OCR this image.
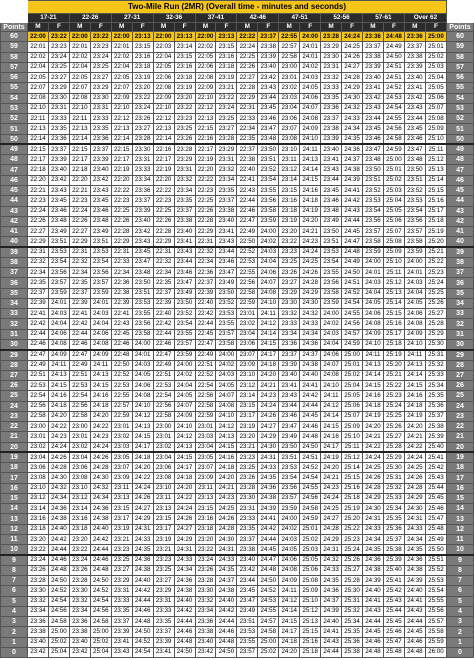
	Two-Mile Run (2MR) (Overall time - minutes and seconds)																				
	17-21		22-26		27-31		32-36		37-41		42-46		47-51		52-56		57-61		Over 62		
Points	M	F	M	F	M	F	M	F	M	F	M	F	M	F	M	F	M	F	M	F	Points
60	22:00	23:22	22:00	23:22	22:00	23:13	22:00	23:13	22:00	23:13	22:22	23:37	22:55	24:00	23:28	24:24	23:36	24:48	23:36	25:00	60
59	22:01	23:23	22:01	23:23	22:01	23:15	22:03	23:14	22:02	23:15	22:24	23:38	22:57	24:01	23:29	24:25	23:37	24:49	23:37	25:01	59
58	22:02	23:24	22:02	23:24	22:02	23:16	22:04	23:15	22:05	23:16	22:25	23:39	22:58	24:01	23:30	24:26	23:38	24:50	23:38	25:02	58
57	22:04	23:25	22:04	23:25	22:04	23:18	22:05	23:16	22:06	23:18	22:26	23:40	23:00	24:02	23:31	24:27	23:39	24:51	23:39	25:03	57
56	22:05	23:27	22:05	23:27	22:05	23:19	22:06	23:18	22:08	23:19	22:27	23:42	23:01	24:03	23:32	24:28	23:40	24:51	23:40	25:04	56
55	22:07	23:29	22:07	23:29	22:07	23:20	22:08	23:19	22:09	23:21	22:28	23:43	23:02	24:05	23:33	24:29	23:41	24:52	23:41	25:05	55
54	22:08	23:30	22:08	23:30	22:09	23:22	22:09	23:20	22:10	23:22	22:29	23:44	23:03	24:06	23:35	24:30	23:42	24:53	23:42	25:06	54
53	22:10	23:31	22:10	23:31	22:10	23:24	22:10	23:22	22:12	23:24	22:31	23:45	23:04	24:07	23:36	24:32	23:43	24:54	23:43	25:07	53
52	22:11	23:33	22:11	23:33	22:12	23:26	22:12	23:23	22:13	23:25	22:33	23:46	23:06	24:08	23:37	24:33	23:44	24:55	23:44	25:08	52
51	22:13	23:35	22:13	23:35	22:13	23:27	22:13	23:25	22:15	23:27	22:34	23:47	23:07	24:09	23:38	24:34	23:45	24:56	23:45	25:09	51
50	22:14	23:36	22:14	23:36	22:14	23:28	22:14	23:26	22:16	23:28	22:35	23:48	23:08	24:10	23:39	24:35	23:46	24:58	23:46	25:10	50
49	22:15	23:37	22:15	23:37	22:15	23:30	22:16	23:28	22:17	23:29	22:37	23:50	23:10	24:11	23:40	24:36	23:47	24:59	23:47	25:11	49
48	22:17	23:39	22:17	23:39	22:17	23:31	22:17	23:29	22:19	23:31	22:38	23:51	23:11	24:13	23:41	24:37	23:48	25:00	23:48	25:12	48
47	22:18	23:40	22:18	23:40	22:19	23:33	22:19	23:31	22:20	23:32	22:40	23:52	23:12	24:14	23:43	24:38	23:50	25:01	23:50	25:13	47
46	22:20	23:42	22:20	23:42	22:20	23:34	22:20	23:32	22:22	23:34	22:41	23:54	23:14	24:15	23:44	24:39	23:51	25:02	23:51	25:14	46
45	22:21	23:43	22:21	23:43	22:22	23:36	22:22	23:34	22:23	23:35	22:43	23:55	23:15	24:16	23:45	24:41	23:52	25:03	23:52	25:15	45
44	22:23	23:45	22:23	23:45	22:23	23:37	22:23	23:35	22:25	23:37	22:44	23:56	23:16	24:18	23:46	24:42	23:53	25:04	23:53	25:16	44
43	22:24	23:46	22:24	23:46	22:25	23:39	22:25	23:37	22:26	23:38	22:46	23:58	23:18	24:19	23:48	24:43	23:54	25:05	23:54	25:17	43
42	22:26	23:48	22:26	23:48	22:26	23:40	22:26	23:38	22:28	23:40	22:47	23:59	23:19	24:20	23:49	24:44	23:56	25:06	23:56	25:18	42
41	22:27	23:49	22:27	23:49	22:28	23:42	22:28	23:40	22:29	23:41	22:49	24:00	23:20	24:21	23:50	24:45	23:57	25:07	23:57	25:19	41
40	22:29	23:51	22:29	23:51	22:29	23:43	22:29	23:41	22:31	23:43	22:50	24:02	23:22	24:23	23:51	24:47	23:58	25:08	23:58	25:20	40
39	22:31	23:53	22:31	23:53	22:31	23:45	22:31	23:43	22:32	23:44	22:52	24:03	23:23	24:24	23:53	24:48	23:59	25:09	23:59	25:21	39
38	22:32	23:54	22:32	23:54	22:33	23:47	22:32	23:44	22:34	23:46	22:53	24:04	23:25	24:25	23:54	24:49	24:00	25:10	24:00	25:22	38
37	22:34	23:56	22:34	23:56	22:34	23:48	22:34	23:46	22:36	23:47	22:55	24:06	23:26	24:26	23:55	24:50	24:01	25:11	24:01	25:23	37
36	22:35	23:57	22:35	23:57	22:36	23:50	22:35	23:47	22:37	23:49	22:56	24:07	23:27	24:28	23:56	24:51	24:03	25:12	24:03	25:24	36
35	22:37	23:59	22:37	23:59	22:38	23:51	22:37	23:49	22:39	23:50	22:58	24:08	23:29	24:29	23:58	24:52	24:04	25:13	24:04	25:25	35
34	22:39	24:01	22:39	24:01	22:39	23:53	22:39	23:50	22:40	23:52	22:59	24:10	23:30	24:30	23:59	24:54	24:05	25:14	24:05	25:26	34
33	22:41	24:03	22:41	24:03	22:41	23:55	22:40	23:52	22:42	23:53	23:01	24:11	23:32	24:32	24:00	24:55	24:06	25:15	24:06	25:27	33
32	22:42	24:04	22:42	24:04	22:43	23:56	22:42	23:54	22:44	23:55	23:02	24:12	23:33	24:33	24:02	24:56	24:08	25:16	24:08	25:28	32
31	22:44	24:06	22:44	24:06	22:45	23:58	22:44	23:55	22:45	23:57	23:04	24:14	23:34	24:34	24:03	24:57	24:09	25:17	24:09	25:29	31
30	22:46	24:08	22:46	24:08	22:46	24:00	22:46	23:57	22:47	23:58	23:06	24:15	23:36	24:36	24:04	24:59	24:10	25:18	24:10	25:30	30
29	22:47	24:09	22:47	24:09	22:48	24:01	22:47	23:59	22:49	24:00	23:07	24:17	23:37	24:37	24:06	25:00	24:11	25:19	24:11	25:31	29
28	22:49	24:11	22:49	24:11	22:50	24:03	22:49	24:00	22:51	24:02	23:09	24:18	23:39	24:38	24:07	25:01	24:13	25:20	24:13	25:32	28
27	22:51	24:13	22:51	24:13	22:52	24:05	22:51	24:02	22:52	24:03	23:10	24:20	23:40	24:40	24:08	25:02	24:14	25:21	24:14	25:33	27
26	22:53	24:15	22:53	24:15	22:53	24:06	22:53	24:04	22:54	24:05	23:12	24:21	23:41	24:41	24:10	25:04	24:15	25:22	24:15	25:34	26
25	22:54	24:16	22:54	24:16	22:55	24:08	22:54	24:05	22:56	24:07	23:14	24:23	23:43	24:42	24:11	25:05	24:16	25:23	24:16	25:35	25
24	22:56	24:18	22:56	24:18	22:57	24:10	22:56	24:07	22:58	24:08	23:15	24:24	23:44	24:44	24:12	25:06	24:18	25:24	24:18	25:36	24
23	22:58	24:20	22:58	24:20	22:59	24:12	22:58	24:09	22:59	24:10	23:17	24:26	23:46	24:45	24:14	25:07	24:19	25:25	24:19	25:37	23
22	23:00	24:22	23:00	24:22	23:01	24:13	23:00	24:10	23:01	24:12	23:19	24:27	23:47	24:46	24:15	25:09	24:20	25:26	24:20	25:38	22
21	23:01	24:23	23:01	24:23	23:02	24:15	23:01	24:12	23:03	24:13	23:20	24:29	23:49	24:48	24:16	25:10	24:21	25:27	24:21	25:39	21
20	23:02	24:24	23:02	24:24	23:03	24:17	23:02	24:13	23:04	24:15	23:21	24:30	23:50	24:50	24:17	25:11	24:22	25:28	24:22	25:40	20
19	23:04	24:26	23:04	24:26	23:05	24:18	23:04	24:15	23:05	24:16	23:23	24:31	23:51	24:51	24:19	25:12	24:24	25:29	24:24	25:41	19
18	23:06	24:28	23:06	24:28	23:07	24:20	23:06	24:17	23:07	24:18	23:25	24:33	23:53	24:52	24:20	25:14	24:25	25:30	24:25	25:42	18
17	23:08	24:30	23:08	24:30	23:09	24:22	23:08	24:18	23:09	24:20	23:26	24:35	23:54	24:54	24:21	25:15	24:26	25:31	24:26	25:43	17
16	23:10	24:32	23:10	24:32	23:11	24:24	23:10	24:20	23:11	24:21	23:28	24:36	23:56	24:55	24:23	25:16	24:28	25:32	24:28	25:44	16
15	23:12	24:34	23:12	24:34	23:13	24:26	23:11	24:22	23:13	24:23	23:30	24:38	23:57	24:56	24:24	25:18	24:29	25:33	24:29	25:45	15
14	23:14	24:36	23:14	24:36	23:15	24:27	23:13	24:24	23:15	24:25	23:31	24:39	23:59	24:58	24:25	25:19	24:30	25:34	24:30	25:46	14
13	23:16	24:38	23:16	24:38	23:17	24:29	23:15	24:26	23:16	24:26	23:33	24:41	24:00	24:59	24:27	25:20	24:31	25:35	24:31	25:47	13
12	23:18	24:40	23:18	24:40	23:19	24:31	23:17	24:27	23:18	24:28	23:35	24:42	24:02	25:01	24:28	25:22	24:33	25:36	24:33	25:48	12
11	23:20	24:42	23:20	24:42	23:21	24:33	23:19	24:29	23:20	24:30	23:37	24:44	24:03	25:02	24:29	25:23	24:34	25:37	24:34	25:49	11
10	23:22	24:44	23:22	24:44	23:23	24:35	23:21	24:31	23:22	24:31	23:38	24:45	24:05	25:03	24:31	25:24	24:35	25:38	24:35	25:50	10
9	23:24	24:46	23:24	24:46	23:25	24:36	23:23	24:33	23:24	24:33	23:40	24:47	24:06	25:05	24:32	25:26	24:36	25:39	24:36	25:51	9
8	23:26	24:48	23:26	24:48	23:27	24:38	23:25	24:34	23:26	24:35	23:42	24:48	24:08	25:06	24:33	25:27	24:38	25:40	24:38	25:52	8
7	23:28	24:50	23:28	24:50	23:29	24:40	23:27	24:36	23:28	24:37	23:44	24:50	24:09	25:08	24:35	25:28	24:39	25:41	24:39	25:53	7
6	23:30	24:52	23:30	24:52	23:31	24:42	23:29	24:38	23:30	24:38	23:45	24:52	24:11	25:09	24:36	25:30	24:40	25:42	24:40	25:54	6
5	23:32	24:54	23:32	24:54	23:33	24:44	23:31	24:40	23:32	24:40	23:47	24:53	24:12	25:10	24:37	25:31	24:41	25:43	24:41	25:55	5
4	23:34	24:56	23:34	24:56	23:35	24:46	23:33	24:42	23:34	24:42	23:49	24:55	24:14	25:12	24:39	25:32	24:43	25:44	24:43	25:56	4
3	23:36	24:58	23:36	24:58	23:37	24:48	23:35	24:44	23:36	24:44	23:51	24:57	24:15	25:13	24:40	25:34	24:44	25:45	24:44	25:57	3
2	23:38	25:00	23:38	25:00	23:39	24:50	23:37	24:46	23:38	24:46	23:53	24:58	24:17	25:15	24:41	25:35	24:45	25:46	24:45	25:58	2
1	23:40	25:02	23:40	25:02	23:41	24:52	23:39	24:48	23:40	24:48	23:55	25:00	24:18	25:16	24:43	25:36	24:46	25:47	24:46	25:59	1
0	23:42	25:04	23:42	25:04	23:43	24:54	23:41	24:50	23:42	24:50	23:57	25:02	24:20	25:18	24:44	25:38	24:48	25:48	24:48	26:00	0
